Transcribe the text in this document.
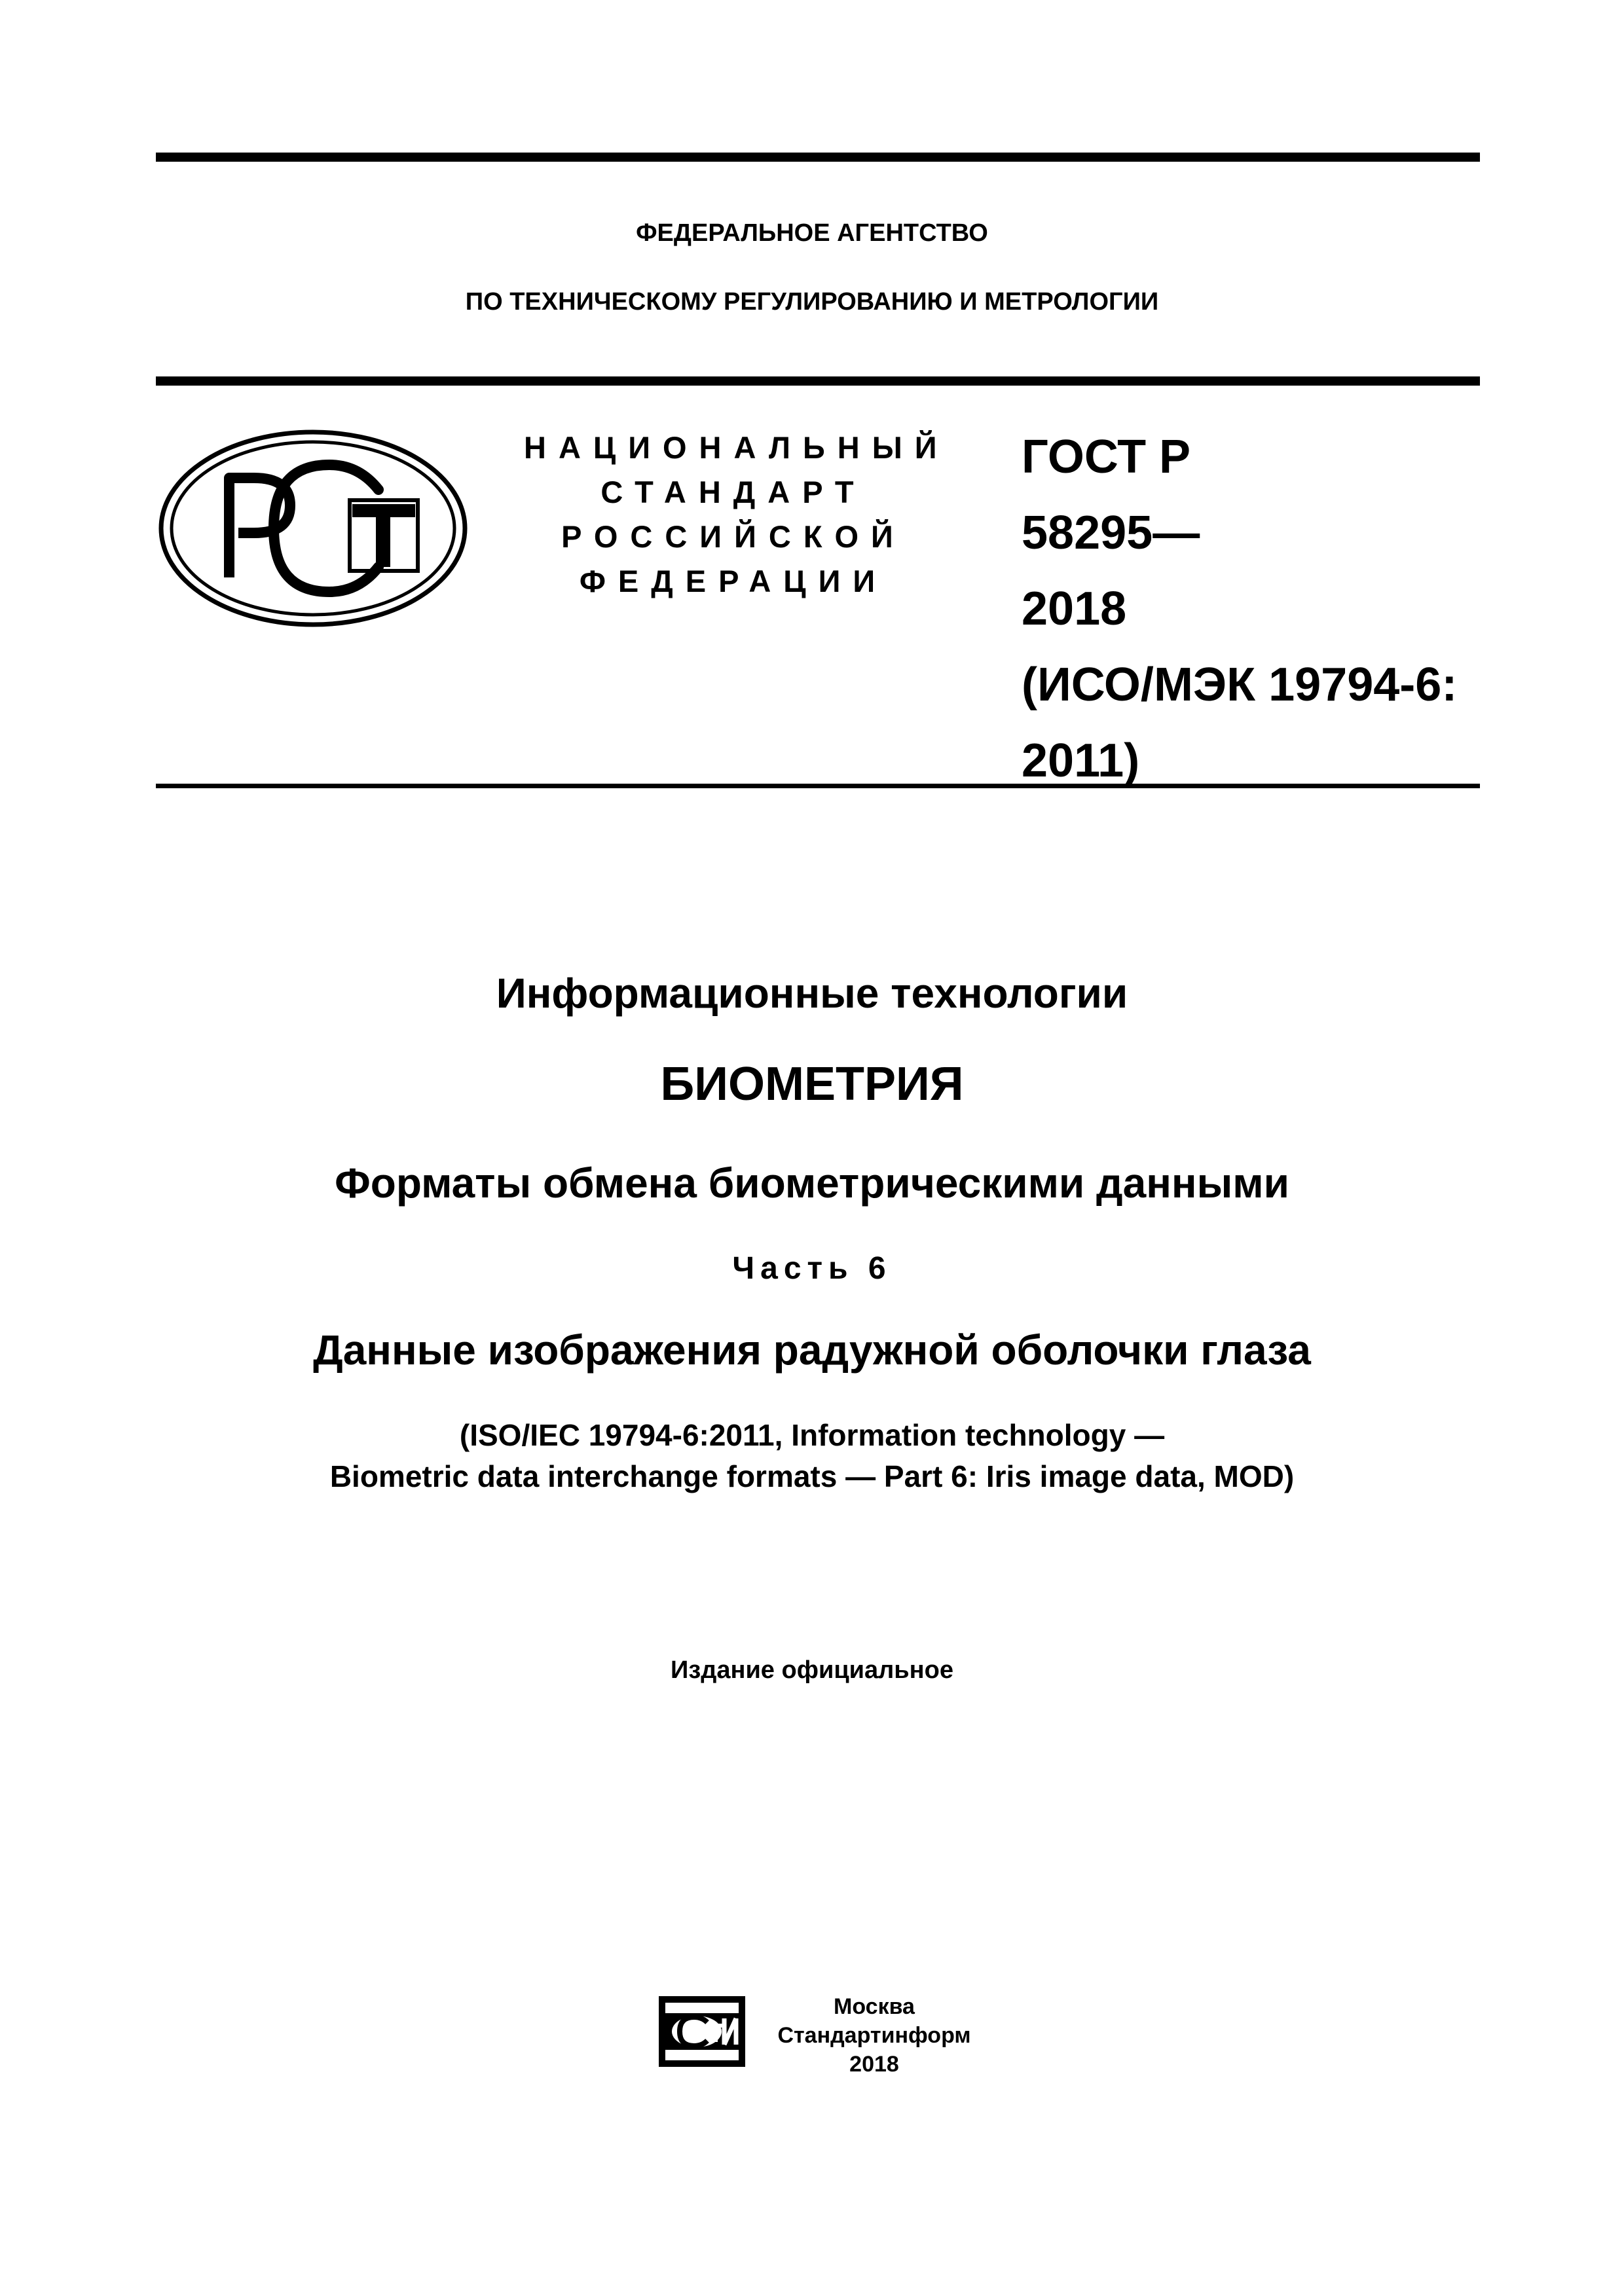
ФЕДЕРАЛЬНОЕ АГЕНТСТВО
ПО ТЕХНИЧЕСКОМУ РЕГУЛИРОВАНИЮ И МЕТРОЛОГИИ
НАЦИОНАЛЬНЫЙ
СТАНДАРТ
РОССИЙСКОЙ
ФЕДЕРАЦИИ
ГОСТ Р
58295—
2018
(ИСО/МЭК 19794-6:
2011)
Информационные технологии
БИОМЕТРИЯ
Форматы обмена биометрическими данными
Часть 6
Данные изображения радужной оболочки глаза
(ISO/IEC 19794-6:2011, Information technology —
Biometric data interchange formats — Part 6: Iris image data, MOD)
Издание официальное
Москва
Стандартинформ
2018
